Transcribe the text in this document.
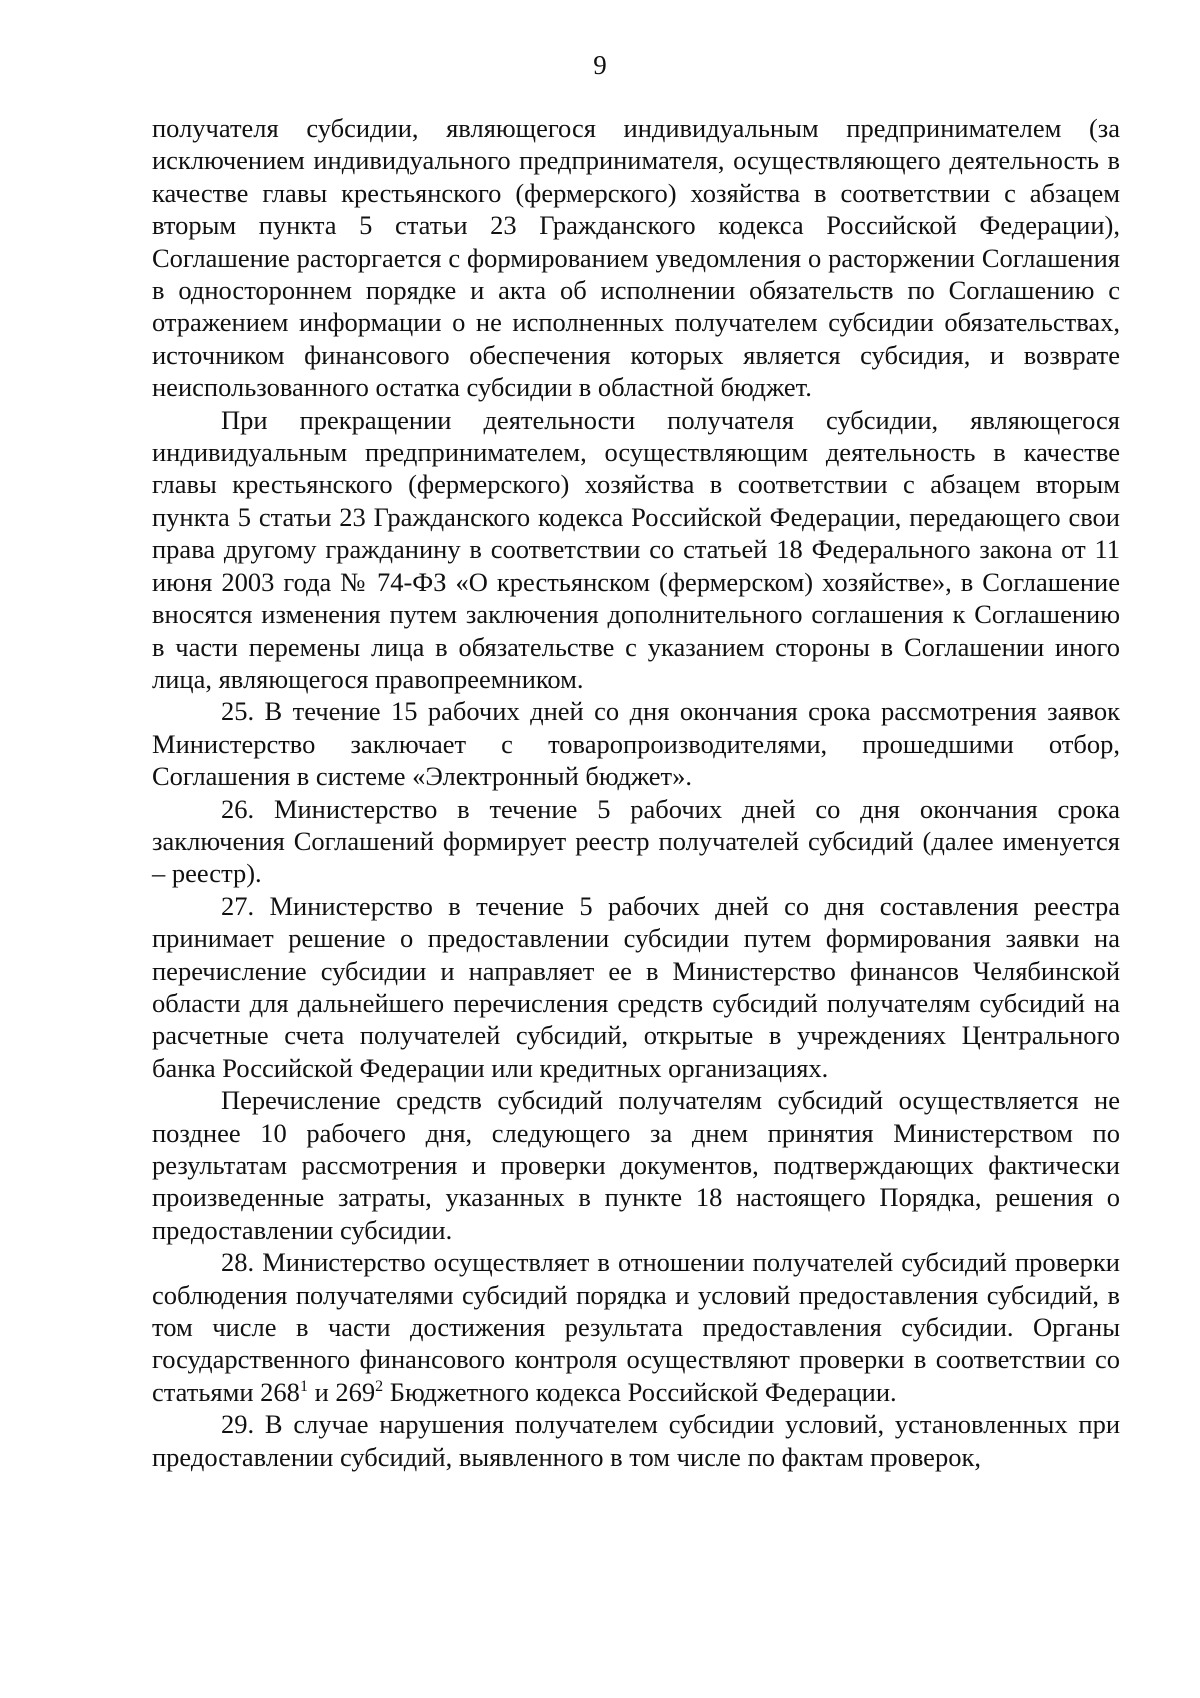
9

получателя субсидии, являющегося индивидуальным предпринимателем (за исключением индивидуального предпринимателя, осуществляющего деятельность в качестве главы крестьянского (фермерского) хозяйства в соответствии с абзацем вторым пункта 5 статьи 23 Гражданского кодекса Российской Федерации), Соглашение расторгается с формированием уведомления о расторжении Соглашения в одностороннем порядке и акта об исполнении обязательств по Соглашению с отражением информации о не исполненных получателем субсидии обязательствах, источником финансового обеспечения которых является субсидия, и возврате неиспользованного остатка субсидии в областной бюджет.

При прекращении деятельности получателя субсидии, являющегося индивидуальным предпринимателем, осуществляющим деятельность в качестве главы крестьянского (фермерского) хозяйства в соответствии с абзацем вторым пункта 5 статьи 23 Гражданского кодекса Российской Федерации, передающего свои права другому гражданину в соответствии со статьей 18 Федерального закона от 11 июня 2003 года № 74-ФЗ «О крестьянском (фермерском) хозяйстве», в Соглашение вносятся изменения путем заключения дополнительного соглашения к Соглашению в части перемены лица в обязательстве с указанием стороны в Соглашении иного лица, являющегося правопреемником.

25. В течение 15 рабочих дней со дня окончания срока рассмотрения заявок Министерство заключает с товаропроизводителями, прошедшими отбор, Соглашения в системе «Электронный бюджет».

26. Министерство в течение 5 рабочих дней со дня окончания срока заключения Соглашений формирует реестр получателей субсидий (далее именуется – реестр).

27. Министерство в течение 5 рабочих дней со дня составления реестра принимает решение о предоставлении субсидии путем формирования заявки на перечисление субсидии и направляет ее в Министерство финансов Челябинской области для дальнейшего перечисления средств субсидий получателям субсидий на расчетные счета получателей субсидий, открытые в учреждениях Центрального банка Российской Федерации или кредитных организациях.

Перечисление средств субсидий получателям субсидий осуществляется не позднее 10 рабочего дня, следующего за днем принятия Министерством по результатам рассмотрения и проверки документов, подтверждающих фактически произведенные затраты, указанных в пункте 18 настоящего Порядка, решения о предоставлении субсидии.

28. Министерство осуществляет в отношении получателей субсидий проверки соблюдения получателями субсидий порядка и условий предоставления субсидий, в том числе в части достижения результата предоставления субсидии. Органы государственного финансового контроля осуществляют проверки в соответствии со статьями $268^1$ и $269^2$ Бюджетного кодекса Российской Федерации.

29. В случае нарушения получателем субсидии условий, установленных при предоставлении субсидий, выявленного в том числе по фактам проверок,
